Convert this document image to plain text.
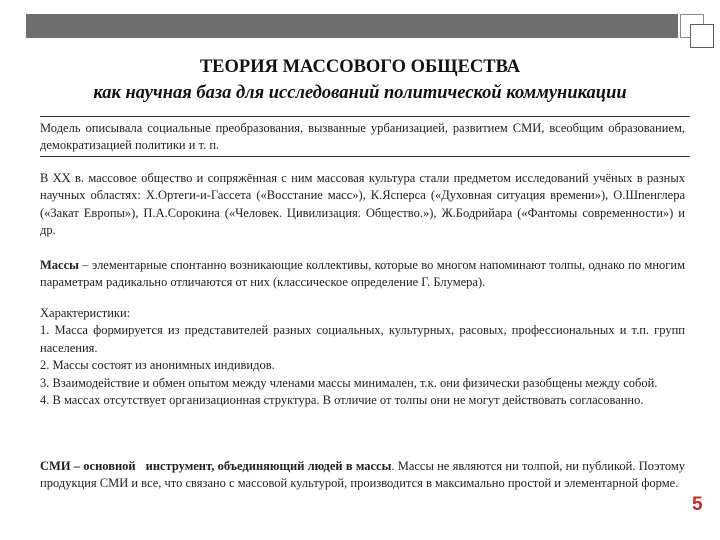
ТЕОРИЯ МАССОВОГО ОБЩЕСТВА
как научная база для исследований политической коммуникации

Модель описывала социальные преобразования, вызванные урбанизацией, развитием СМИ, всеобщим образованием, демократизацией политики и т. п.

В ХХ в. массовое общество и сопряжённая с ним массовая культура стали предметом исследований учёных в разных научных областях: Х.Ортеги-и-Гассета («Восстание масс»), К.Ясперса («Духовная ситуация времени»), О.Шпенглера («Закат Европы»), П.А.Сорокина («Человек. Цивилизация. Общество.»), Ж.Бодрийара («Фантомы современности») и др.

Массы – элементарные спонтанно возникающие коллективы, которые во многом напоминают толпы, однако по многим параметрам радикально отличаются от них (классическое определение Г. Блумера).

Характеристики:

1. Масса формируется из представителей разных социальных, культурных, расовых, профессиональных и т.п. групп населения.

2. Массы состоят из анонимных индивидов.

3. Взаимодействие и обмен опытом между членами массы минимален, т.к. они физически разобщены между собой.

4. В массах отсутствует организационная структура. В отличие от толпы они не могут действовать согласованно.

СМИ – основной инструмент, объединяющий людей в массы. Массы не являются ни толпой, ни публикой. Поэтому продукция СМИ и все, что связано с массовой культурой, производится в максимально простой и элементарной форме.

5
